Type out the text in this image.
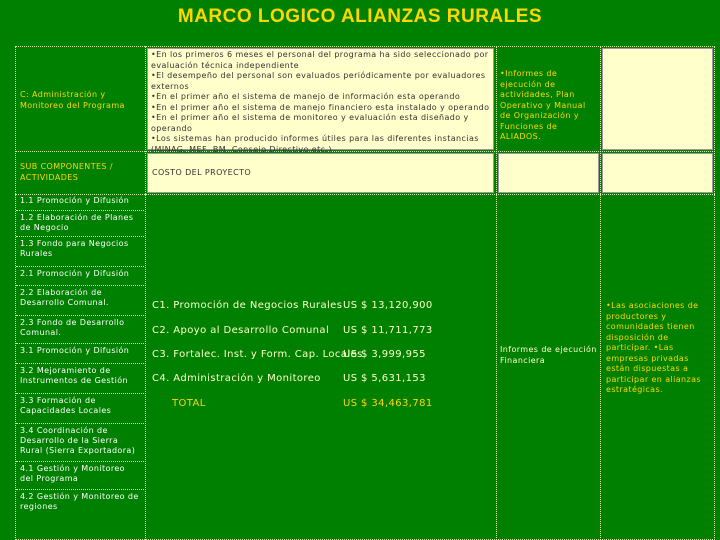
MARCO LOGICO ALIANZAS RURALES
C: Administración y Monitoreo del Programa
•En los primeros 6 meses el personal del programa ha sido seleccionado por evaluación técnica independiente
•El desempeño del personal son evaluados periódicamente por evaluadores externos
•En el primer año el sistema de manejo de información esta operando
•En el primer año el sistema de manejo financiero esta instalado y operando
•En el primer año el sistema de monitoreo y evaluación esta diseñado y operando
•Los sistemas han producido informes útiles para las diferentes instancias (MINAG, MEF, BM, Consejo Directivo etc.)
•Informes de ejecución de actividades, Plan Operativo y Manual de Organización y Funciones de ALIADOS.
SUB COMPONENTES / ACTIVIDADES	COSTO DEL PROYECTO
1.1 Promoción y Difusión
1.2 Elaboración de Planes de Negocio
1.3 Fondo para Negocios Rurales
2.1 Promoción y Difusión
2.2 Elaboración de Desarrollo Comunal.
2.3 Fondo de Desarrollo Comunal.
3.1 Promoción y Difusión
3.2 Mejoramiento de Instrumentos de Gestión
3.3 Formación de Capacidades Locales
3.4 Coordinación de Desarrollo de la Sierra Rural (Sierra Exportadora)
4.1 Gestión y Monitoreo del Programa
4.2 Gestión y Monitoreo de regiones
C1. Promoción de Negocios Rurales US $ 13,120,900
C2. Apoyo al Desarrollo Comunal US $ 11,711,773
C3. Fortalec. Inst. y Form. Cap. Locales
US $ 3,999,955
C4. Administración y Monitoreo US $ 5,631,153
TOTAL	US $ 34,463,781
Informes de ejecución Financiera
•Las asociaciones de productores y comunidades tienen disposición de participar. •Las empresas privadas están dispuestas a participar en alianzas estratégicas.
